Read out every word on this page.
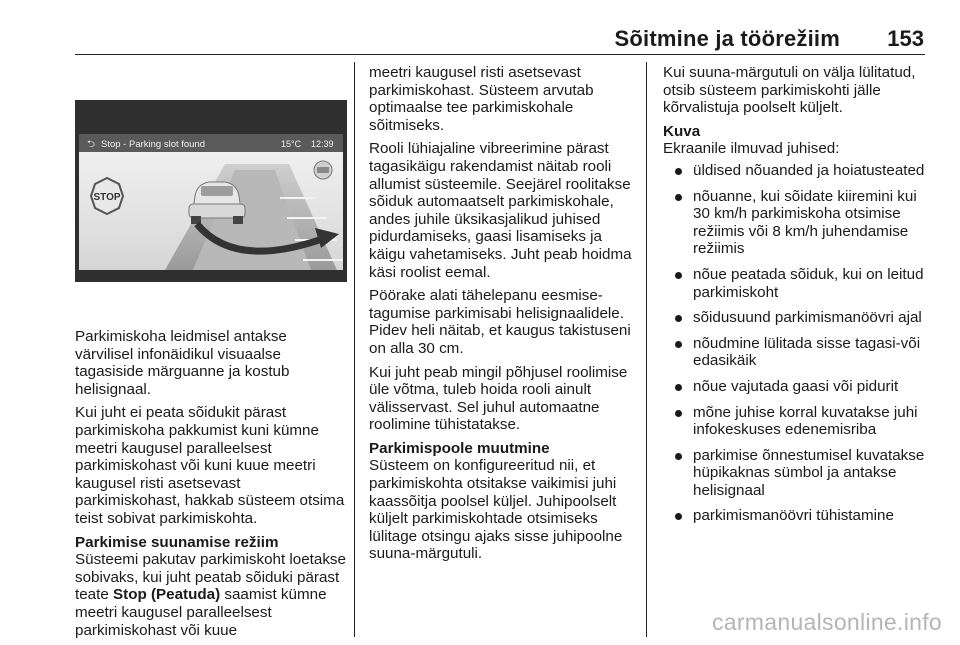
Sõitmine ja töörežiim 153
STOP
⮌ Stop - Parking slot found	15°C 12:39

Parkimiskoha leidmisel antakse värvilisel infonäidikul visuaalse tagasiside märguanne ja kostub helisignaal.

Kui juht ei peata sõidukit pärast parkimiskoha pakkumist kuni kümne meetri kaugusel paralleelsest parkimiskohast või kuni kuue meetri kaugusel risti asetsevast parkimiskohast, hakkab süsteem otsima teist sobivat parkimiskohta.

Parkimise suunamise režiim

Süsteemi pakutav parkimiskoht loetakse sobivaks, kui juht peatab sõiduki pärast teate Stop (Peatuda) saamist kümne meetri kaugusel paralleelsest parkimiskohast või kuue

meetri kaugusel risti asetsevast parkimiskohast. Süsteem arvutab optimaalse tee parkimiskohale sõitmiseks.

Rooli lühiajaline vibreerimine pärast tagasikäigu rakendamist näitab rooli allumist süsteemile. Seejärel roolitakse sõiduk automaatselt parkimiskohale, andes juhile üksikasjalikud juhised pidurdamiseks, gaasi lisamiseks ja käigu vahetamiseks. Juht peab hoidma käsi roolist eemal.

Pöörake alati tähelepanu eesmise-tagumise parkimisabi helisignaalidele. Pidev heli näitab, et kaugus takistuseni on alla 30 cm.

Kui juht peab mingil põhjusel roolimise üle võtma, tuleb hoida rooli ainult välisservast. Sel juhul automaatne roolimine tühistatakse.

Parkimispoole muutmine

Süsteem on konfigureeritud nii, et parkimiskohta otsitakse vaikimisi juhi kaassõitja poolsel küljel. Juhipoolselt küljelt parkimiskohtade otsimiseks lülitage otsingu ajaks sisse juhipoolne suuna-märgutuli.

Kui suuna-märgutuli on välja lülitatud, otsib süsteem parkimiskohti jälle kõrvalistuja poolselt küljelt.

Kuva
Ekraanile ilmuvad juhised:
üldised nõuanded ja hoiatusteated
nõuanne, kui sõidate kiiremini kui 30 km/h parkimiskoha otsimise režiimis või 8 km/h juhendamise režiimis
nõue peatada sõiduk, kui on leitud parkimiskoht
sõidusuund parkimismanöövri ajal
nõudmine lülitada sisse tagasi-või edasikäik
nõue vajutada gaasi või pidurit
mõne juhise korral kuvatakse juhi infokeskuses edenemisriba
parkimise õnnestumisel kuvatakse hüpikaknas sümbol ja antakse helisignaal
parkimismanöövri tühistamine
carmanualsonline.info
